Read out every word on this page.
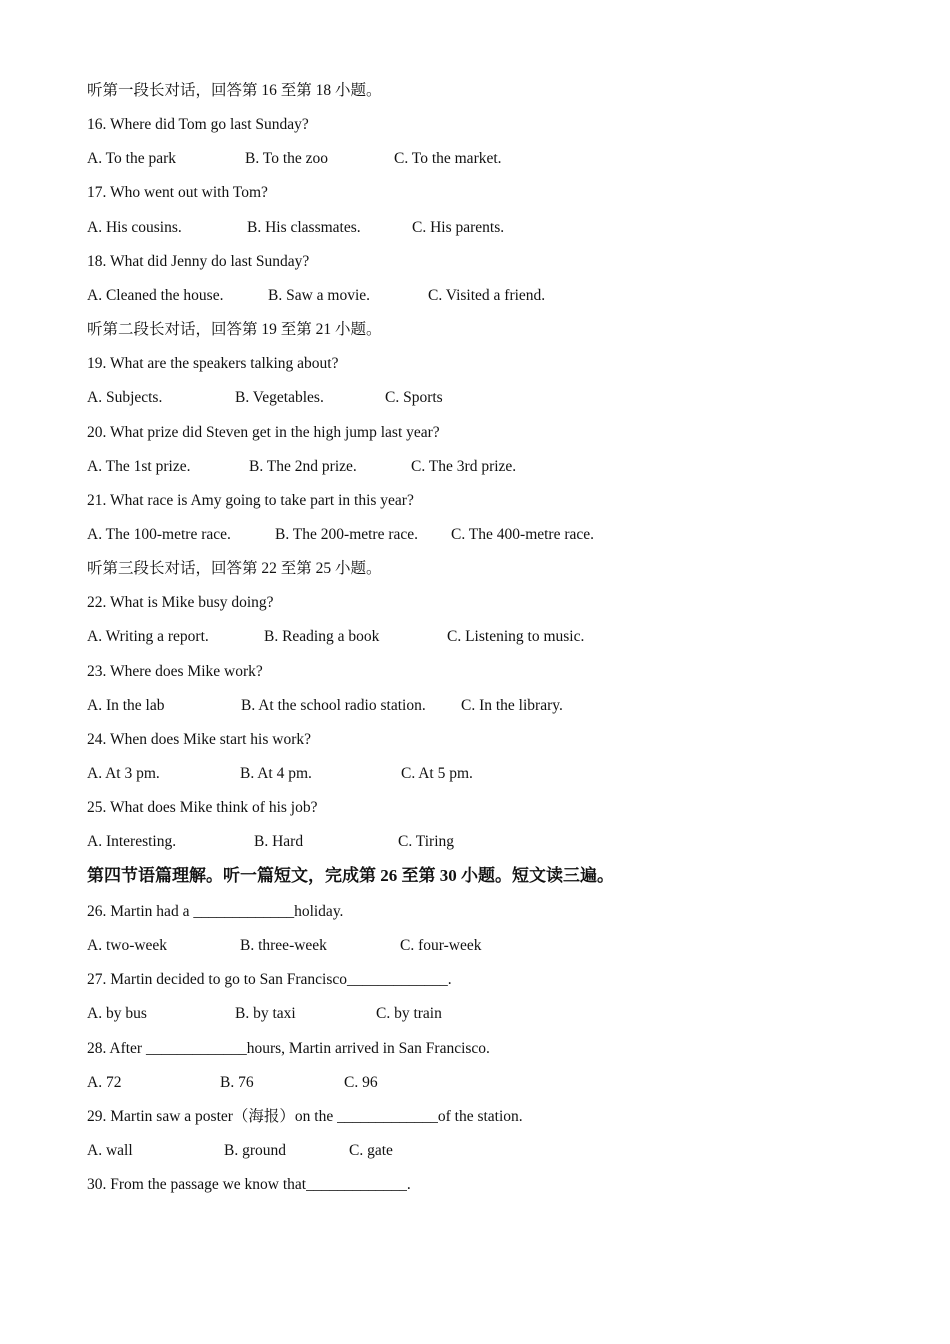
听第一段长对话，回答第 16 至第 18 小题。
16. Where did Tom go last Sunday?

A. To the park

	B. To the zoo

	C. To the market.

17. Who went out with Tom?

A. His cousins.

	B. His classmates.

	C. His parents.

18. What did Jenny do last Sunday?

A. Cleaned the house.

	B. Saw a movie.

	C. Visited a friend.

听第二段长对话，回答第 19 至第 21 小题。
19. What are the speakers talking about?

A. Subjects.

	B. Vegetables.

	C. Sports

20. What prize did Steven get in the high jump last year?

A. The 1st prize.

	B. The 2nd prize.

	C. The 3rd prize.

21. What race is Amy going to take part in this year?

A. The 100-metre race.

	B. The 200-metre race.

C. The 400-metre race.

听第三段长对话，回答第 22 至第 25 小题。
22. What is Mike busy doing?

A. Writing a report.

	B. Reading a book

	C. Listening to music.

23. Where does Mike work?

A. In the lab

	B. At the school radio station.

C. In the library.

24. When does Mike start his work?

A. At 3 pm.

	B. At 4 pm.

	C. At 5 pm.

25. What does Mike think of his job?

A. Interesting.

	B. Hard

	C. Tiring

第四节语篇理解。听一篇短文，完成第 26 至第 30 小题。短文读三遍。
26. Martin had a _____________holiday.

A. two-week

	B. three-week

	C. four-week

27. Martin decided to go to San Francisco_____________.

A. by bus

	B. by taxi

	C. by train

28. After _____________hours, Martin arrived in San Francisco.

A. 72

	B. 76

	C. 96

29. Martin saw a poster（海报）on the _____________of the station.

A. wall

	B. ground

	C. gate

30. From the passage we know that_____________.
